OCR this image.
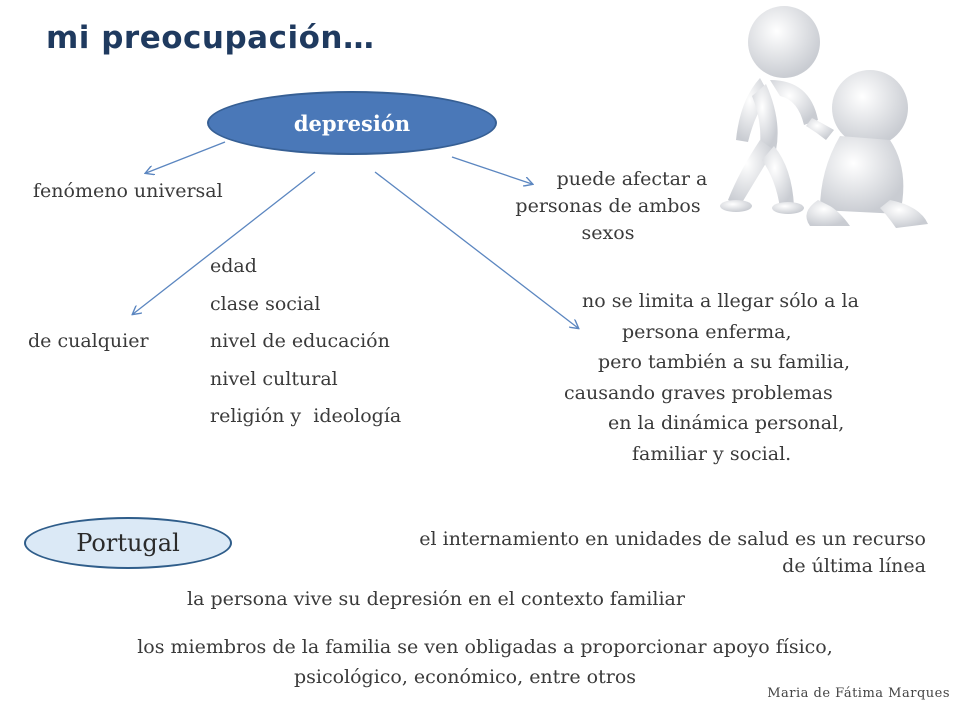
mi preocupación…
depresión
fenómeno universal
puede afectar a
personas de ambos
sexos
de cualquier
edad
clase social
nivel de educación
nivel cultural
religión y  ideología
no se limita a llegar sólo a la
persona enferma,
pero también a su familia,
causando graves problemas
en la dinámica personal,
familiar y social.
Portugal	el internamiento en unidades de salud es un recurso
de última línea
la persona vive su depresión en el contexto familiar
los miembros de la familia se ven obligadas a proporcionar apoyo físico,
psicológico, económico, entre otros
Maria de Fátima Marques
